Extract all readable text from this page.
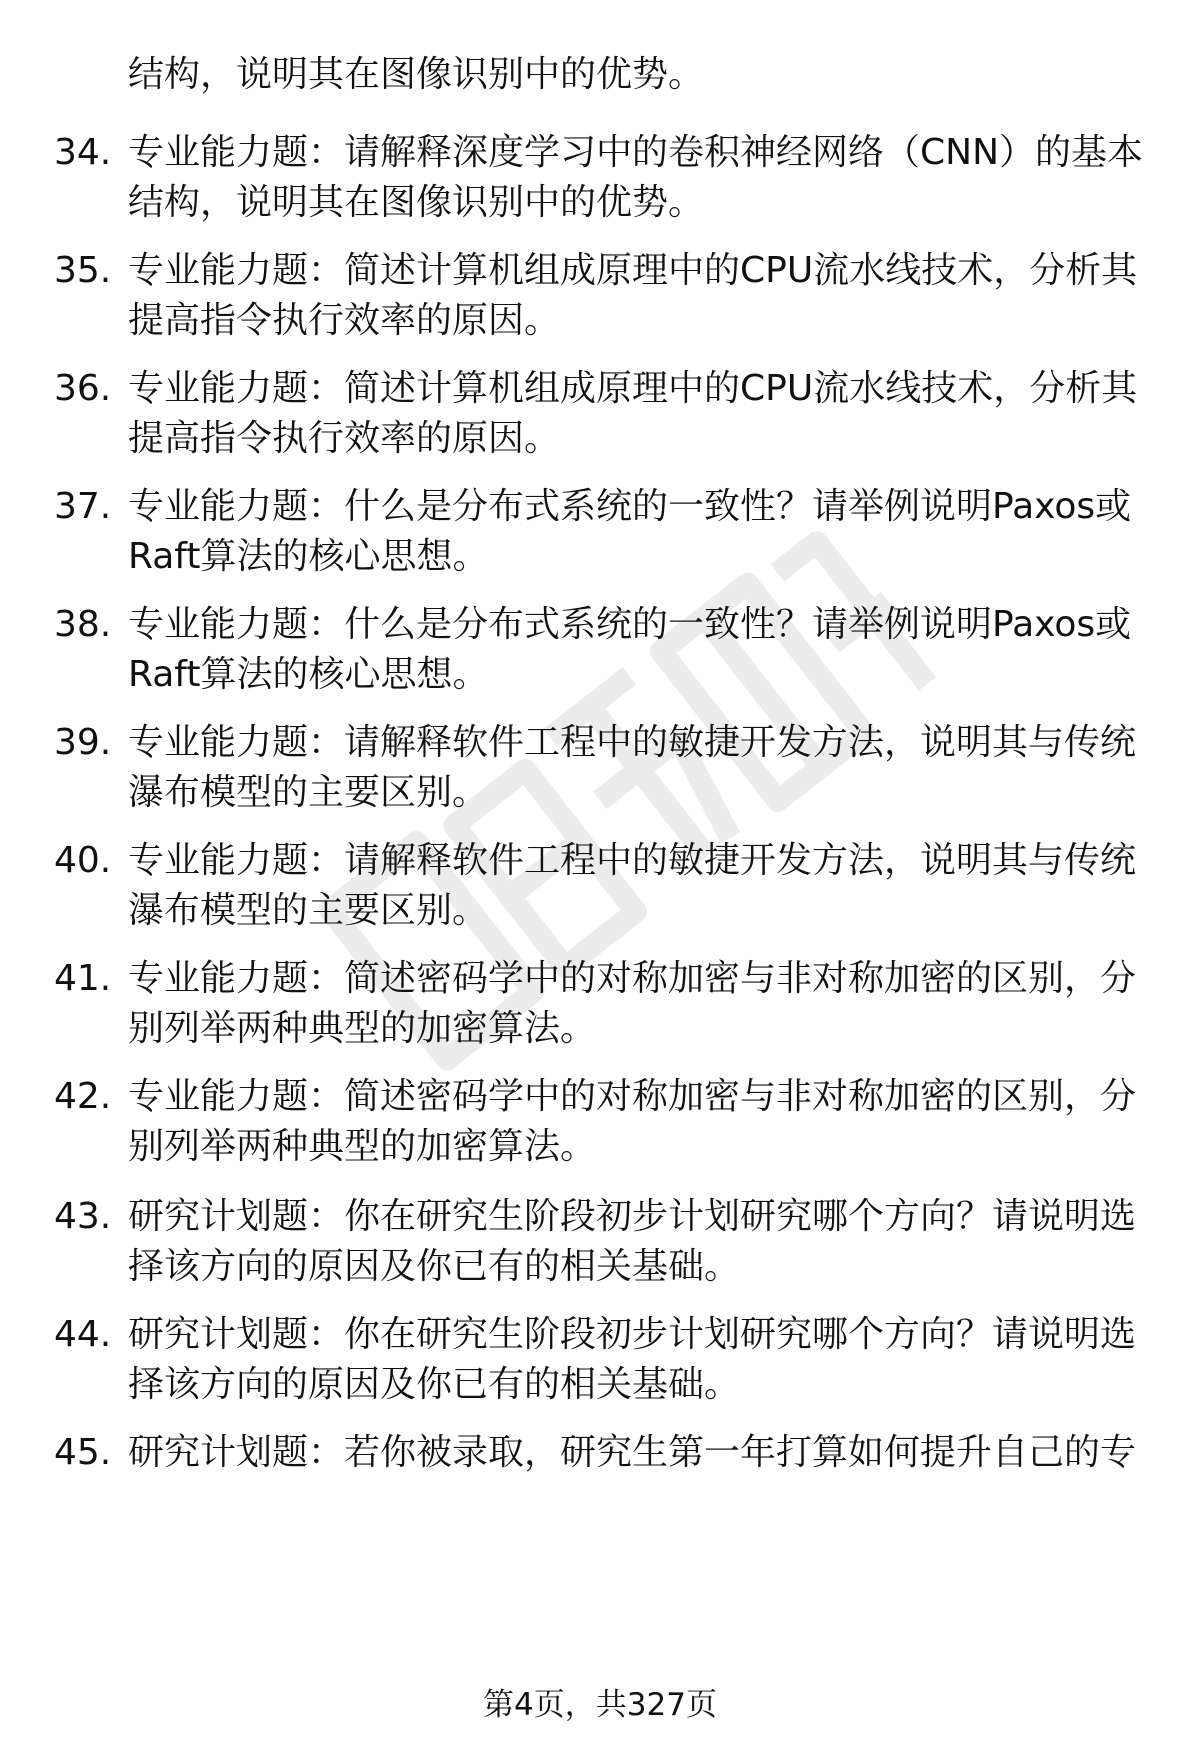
结构，说明其在图像识别中的优势。
34. 专业能力题：请解释深度学习中的卷积神经网络（CNN）的基本
结构，说明其在图像识别中的优势。
35. 专业能力题：简述计算机组成原理中的CPU流水线技术，分析其
提高指令执行效率的原因。
36. 专业能力题：简述计算机组成原理中的CPU流水线技术，分析其
提高指令执行效率的原因。
37. 专业能力题：什么是分布式系统的一致性？请举例说明Paxos或
Raft算法的核心思想。
38. 专业能力题：什么是分布式系统的一致性？请举例说明Paxos或
Raft算法的核心思想。
39. 专业能力题：请解释软件工程中的敏捷开发方法，说明其与传统
瀑布模型的主要区别。
40. 专业能力题：请解释软件工程中的敏捷开发方法，说明其与传统
瀑布模型的主要区别。
41. 专业能力题：简述密码学中的对称加密与非对称加密的区别，分
别列举两种典型的加密算法。
42. 专业能力题：简述密码学中的对称加密与非对称加密的区别，分
别列举两种典型的加密算法。
43. 研究计划题：你在研究生阶段初步计划研究哪个方向？请说明选
择该方向的原因及你已有的相关基础。
44. 研究计划题：你在研究生阶段初步计划研究哪个方向？请说明选
择该方向的原因及你已有的相关基础。
45. 研究计划题：若你被录取，研究生第一年打算如何提升自己的专
第4页，共327页
